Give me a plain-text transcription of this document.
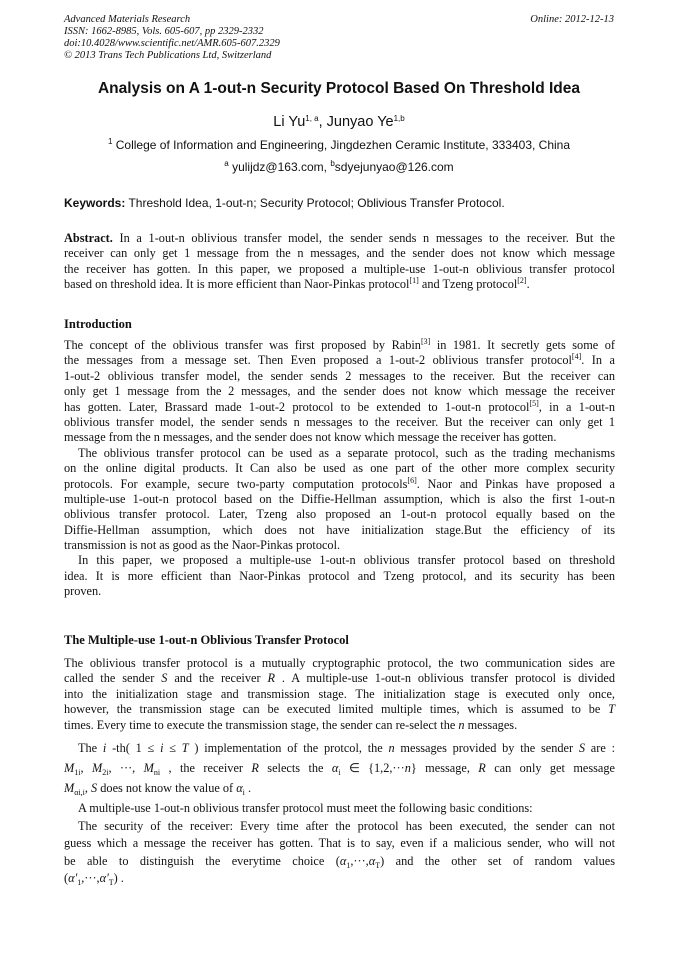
Advanced Materials Research
ISSN: 1662-8985, Vols. 605-607, pp 2329-2332
doi:10.4028/www.scientific.net/AMR.605-607.2329
© 2013 Trans Tech Publications Ltd, Switzerland
Online: 2012-12-13
Analysis on A 1-out-n Security Protocol Based On Threshold Idea
Li Yu$^{1, a}$, Junyao Ye$^{1,b}$
$^1$ College of Information and Engineering, Jingdezhen Ceramic Institute, 333403, China
$^a$ yulijdz@163.com, $^b$sdyejunyao@126.com
Keywords: Threshold Idea, 1-out-n; Security Protocol; Oblivious Transfer Protocol.
Abstract. In a 1-out-n oblivious transfer model, the sender sends n messages to the receiver. But the
receiver can only get 1 message from the n messages, and the sender does not know which message
the receiver has gotten. In this paper, we proposed a multiple-use 1-out-n oblivious transfer protocol
based on threshold idea. It is more efficient than Naor-Pinkas protocol[1] and Tzeng protocol[2].
Introduction
The concept of the oblivious transfer was first proposed by Rabin[3] in 1981. It secretly gets some of
the messages from a message set. Then Even proposed a 1-out-2 oblivious transfer protocol[4]. In a
1-out-2 oblivious transfer model, the sender sends 2 messages to the receiver. But the receiver can
only get 1 message from the 2 messages, and the sender does not know which message the receiver
has gotten. Later, Brassard made 1-out-2 protocol to be extended to 1-out-n protocol[5], in a 1-out-n
oblivious transfer model, the sender sends n messages to the receiver. But the receiver can only get 1
message from the n messages, and the sender does not know which message the receiver has gotten.
The oblivious transfer protocol can be used as a separate protocol, such as the trading mechanisms
on the online digital products. It Can also be used as one part of the other more complex security
protocols. For example, secure two-party computation protocols[6]. Naor and Pinkas have proposed a
multiple-use 1-out-n protocol based on the Diffie-Hellman assumption, which is also the first 1-out-n
oblivious transfer protocol. Later, Tzeng also proposed an 1-out-n protocol equally based on the
Diffie-Hellman assumption, which does not have initialization stage.But the efficiency of its
transmission is not as good as the Naor-Pinkas protocol.
In this paper, we proposed a multiple-use 1-out-n oblivious transfer protocol based on threshold
idea. It is more efficient than Naor-Pinkas protocol and Tzeng protocol, and its security has been
proven.
The Multiple-use 1-out-n Oblivious Transfer Protocol
The oblivious transfer protocol is a mutually cryptographic protocol, the two communication sides are
called the sender S and the receiver R . A multiple-use 1-out-n oblivious transfer protocol is divided
into the initialization stage and transmission stage. The initialization stage is executed only once,
however, the transmission stage can be executed limited multiple times, which is assumed to be T
times. Every time to execute the transmission stage, the sender can re-select the n messages.
The i -th( 1 ≤ i ≤ T ) implementation of the protcol, the n messages provided by the sender S are :
$M_{1i}$, $M_{2i}$, ···, $M_{ni}$ , the receiver R selects the $\alpha_i$ ∈ {1,2,···n} message, R can only get message
$M_{\alpha i,i}$, S does not know the value of $\alpha_i$ .
A multiple-use 1-out-n oblivious transfer protocol must meet the following basic conditions:
The security of the receiver: Every time after the protocol has been executed, the sender can not
guess which a message the receiver has gotten. That is to say, even if a malicious sender, who will not
be able to distinguish the everytime choice $(\alpha_1,\cdot\cdot\cdot,\alpha_T)$ and the other set of random values
$(\alpha'_1,\cdot\cdot\cdot,\alpha'_T)$ .
